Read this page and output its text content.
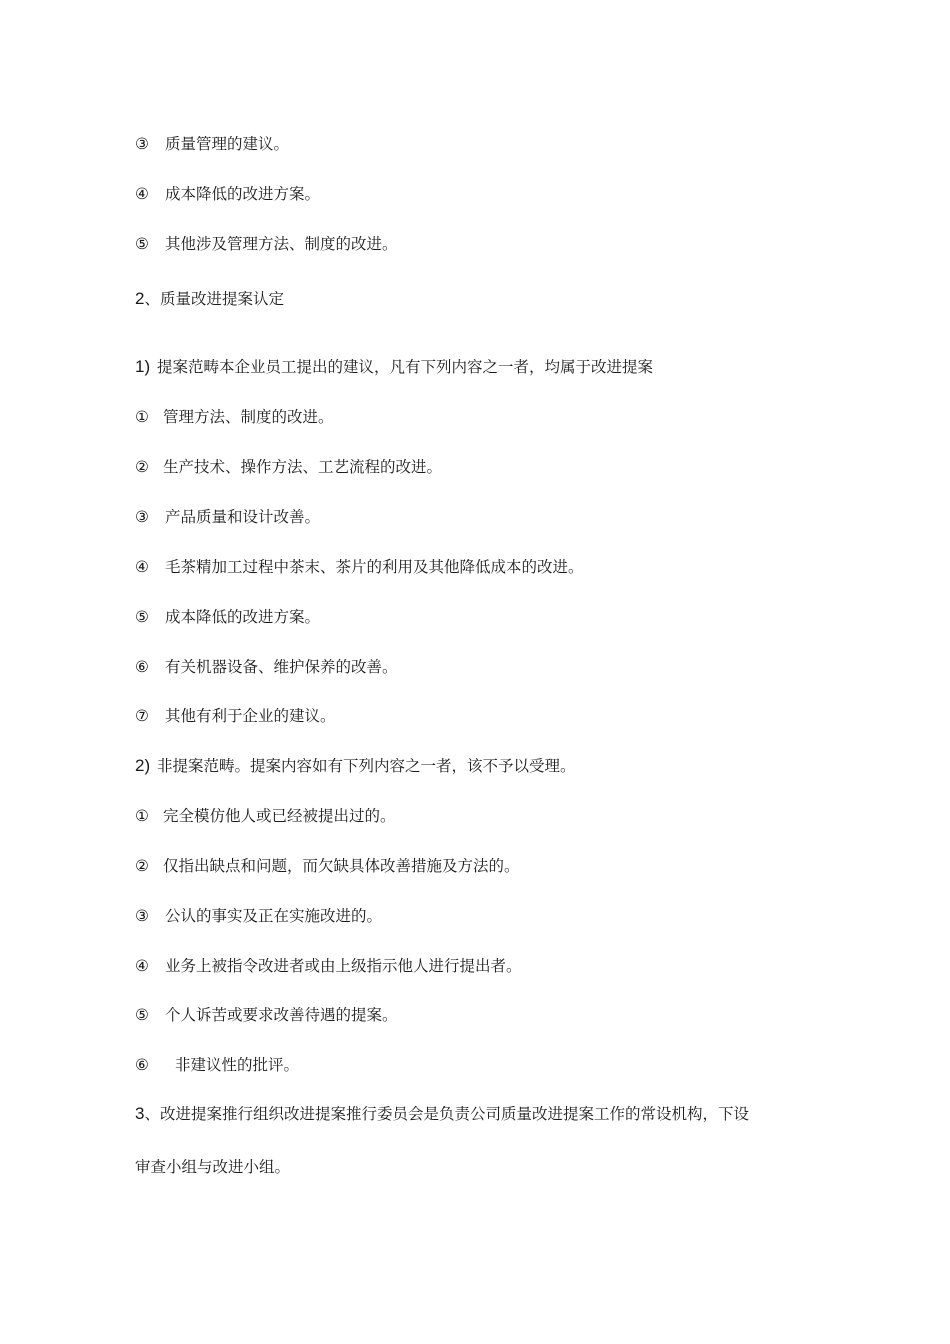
③ 质量管理的建议。
④ 成本降低的改进方案。
⑤ 其他涉及管理方法、制度的改进。
2、质量改进提案认定
1) 提案范畴本企业员工提出的建议，凡有下列内容之一者，均属于改进提案
① 管理方法、制度的改进。
② 生产技术、操作方法、工艺流程的改进。
③ 产品质量和设计改善。
④ 毛茶精加工过程中茶末、茶片的利用及其他降低成本的改进。
⑤ 成本降低的改进方案。
⑥ 有关机器设备、维护保养的改善。
⑦ 其他有利于企业的建议。
2) 非提案范畴。提案内容如有下列内容之一者，该不予以受理。
① 完全模仿他人或已经被提出过的。
② 仅指出缺点和问题，而欠缺具体改善措施及方法的。
③ 公认的事实及正在实施改进的。
④ 业务上被指令改进者或由上级指示他人进行提出者。
⑤ 个人诉苦或要求改善待遇的提案。
⑥ 非建议性的批评。
3、改进提案推行组织改进提案推行委员会是负责公司质量改进提案工作的常设机构，下设
审查小组与改进小组。
